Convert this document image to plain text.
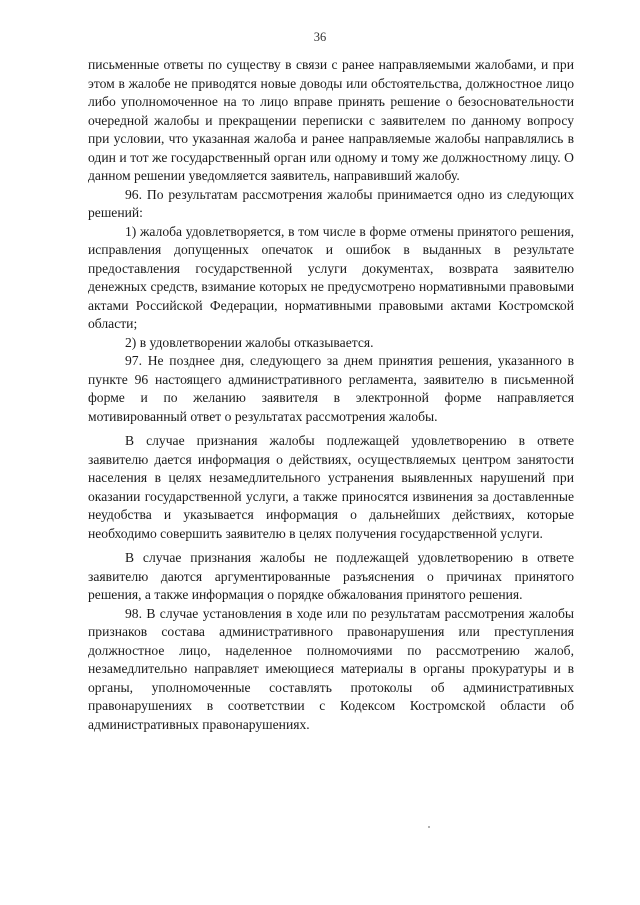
36

письменные ответы по существу в связи с ранее направляемыми жалобами, и при этом в жалобе не приводятся новые доводы или обстоятельства, должностное лицо либо уполномоченное на то лицо вправе принять решение о безосновательности очередной жалобы и прекращении переписки с заявителем по данному вопросу при условии, что указанная жалоба и ранее направляемые жалобы направлялись в один и тот же государственный орган или одному и тому же должностному лицу. О данном решении уведомляется заявитель, направивший жалобу.

96. По результатам рассмотрения жалобы принимается одно из следующих решений:

1) жалоба удовлетворяется, в том числе в форме отмены принятого решения, исправления допущенных опечаток и ошибок в выданных в результате предоставления государственной услуги документах, возврата заявителю денежных средств, взимание которых не предусмотрено нормативными правовыми актами Российской Федерации, нормативными правовыми актами Костромской области;

2) в удовлетворении жалобы отказывается.

97. Не позднее дня, следующего за днем принятия решения, указанного в пункте 96 настоящего административного регламента, заявителю в письменной форме и по желанию заявителя в электронной форме направляется мотивированный ответ о результатах рассмотрения жалобы.

В случае признания жалобы подлежащей удовлетворению в ответе заявителю дается информация о действиях, осуществляемых центром занятости населения в целях незамедлительного устранения выявленных нарушений при оказании государственной услуги, а также приносятся извинения за доставленные неудобства и указывается информация о дальнейших действиях, которые необходимо совершить заявителю в целях получения государственной услуги.

В случае признания жалобы не подлежащей удовлетворению в ответе заявителю даются аргументированные разъяснения о причинах принятого решения, а также информация о порядке обжалования принятого решения.

98. В случае установления в ходе или по результатам рассмотрения жалобы признаков состава административного правонарушения или преступления должностное лицо, наделенное полномочиями по рассмотрению жалоб, незамедлительно направляет имеющиеся материалы в органы прокуратуры и в органы, уполномоченные составлять протоколы об административных правонарушениях в соответствии с Кодексом Костромской области об административных правонарушениях.
